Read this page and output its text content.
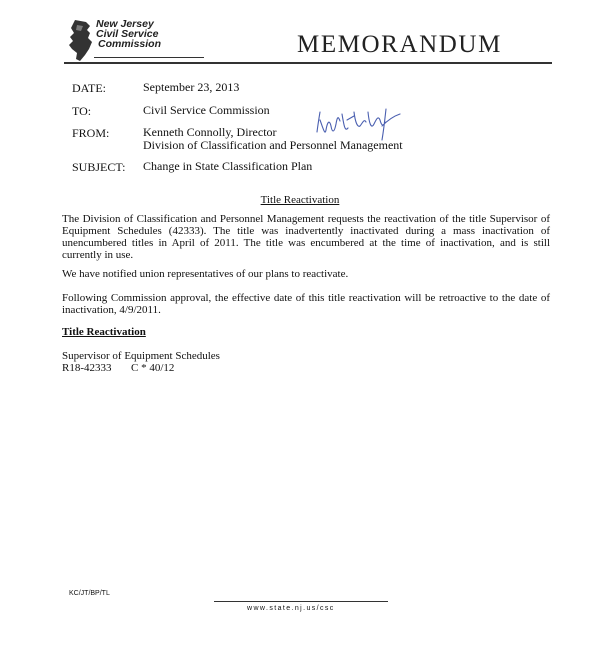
New Jersey
Civil Service
Commission	MEMORANDUM
DATE:	September 23, 2013
TO:	Civil Service Commission
FROM:	Kenneth Connolly, Director
Division of Classification and Personnel Management
SUBJECT: Change in State Classification Plan
Title Reactivation

The Division of Classification and Personnel Management requests the reactivation of the title Supervisor of Equipment Schedules (42333). The title was inadvertently inactivated during a mass inactivation of unencumbered titles in April of 2011. The title was encumbered at the time of inactivation, and is still currently in use.

We have notified union representatives of our plans to reactivate.

Following Commission approval, the effective date of this title reactivation will be retroactive to the date of inactivation, 4/9/2011.

Title Reactivation
Supervisor of Equipment Schedules
R18-42333 C * 40/12
KC/JT/BP/TL
www.state.nj.us/csc
